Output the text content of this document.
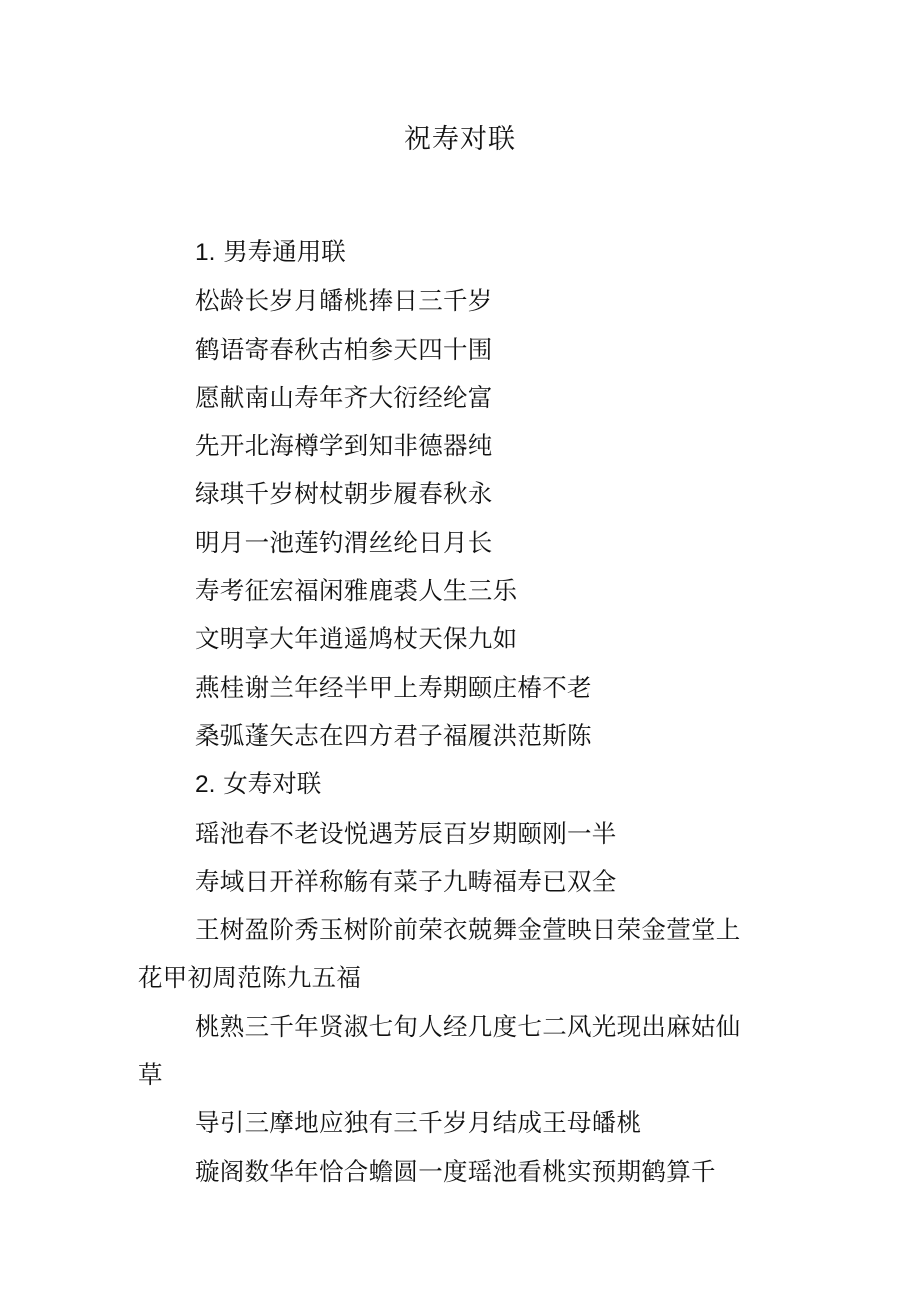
祝寿对联

1. 男寿通用联

松龄长岁月皤桃捧日三千岁

鹤语寄春秋古柏参天四十围

愿献南山寿年齐大衍经纶富

先开北海樽学到知非德器纯

绿琪千岁树杖朝步履春秋永

明月一池莲钓渭丝纶日月长

寿考征宏福闲雅鹿裘人生三乐

文明享大年逍遥鸠杖天保九如

燕桂谢兰年经半甲上寿期颐庄椿不老

桑弧蓬矢志在四方君子福履洪范斯陈

2. 女寿对联

瑶池春不老设悦遇芳辰百岁期颐刚一半

寿域日开祥称觞有菜子九畴福寿已双全

王树盈阶秀玉树阶前荣衣兢舞金萱映日荣金萱堂上花甲初周范陈九五福

桃熟三千年贤淑七旬人经几度七二风光现出麻姑仙草

导引三摩地应独有三千岁月结成王母皤桃

璇阁数华年恰合蟾圆一度瑶池看桃实预期鹤算千
